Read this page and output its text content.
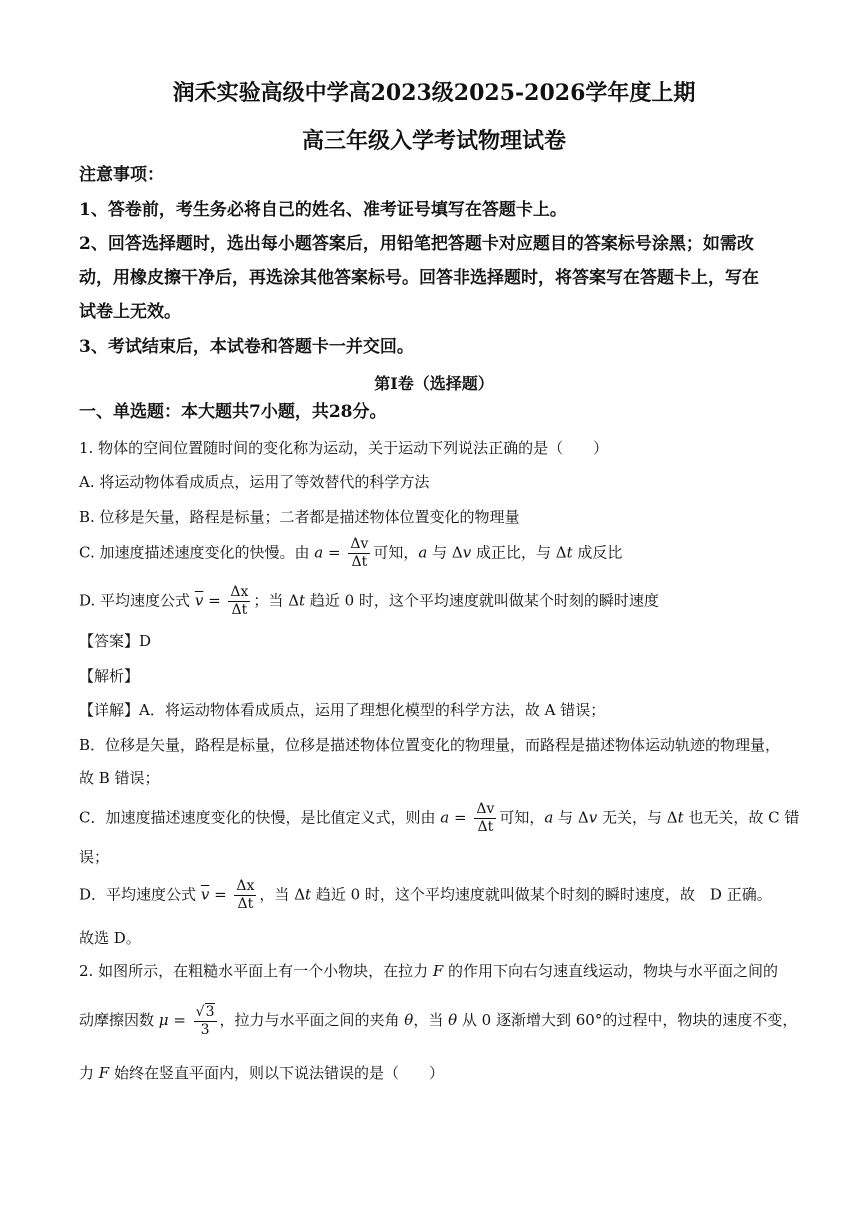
润禾实验高级中学高2023级2025-2026学年度上期
高三年级入学考试物理试卷
注意事项：
1、答卷前，考生务必将自己的姓名、准考证号填写在答题卡上。
2、回答选择题时，选出每小题答案后，用铅笔把答题卡对应题目的答案标号涂黑；如需改
动，用橡皮擦干净后，再选涂其他答案标号。回答非选择题时，将答案写在答题卡上，写在
试卷上无效。
3、考试结束后，本试卷和答题卡一并交回。
第Ⅰ卷（选择题）
一、单选题：本大题共7小题，共28分。
1. 物体的空间位置随时间的变化称为运动，关于运动下列说法正确的是（　　）
A. 将运动物体看成质点，运用了等效替代的科学方法
B. 位移是矢量，路程是标量；二者都是描述物体位置变化的物理量
C. 加速度描述速度变化的快慢。由 $a = \frac{\Delta v}{\Delta t}$ 可知，a 与 Δv 成正比，与 Δt 成反比
D. 平均速度公式 $\overline{v} = \frac{\Delta x}{\Delta t}$ ；当 Δt 趋近 0 时，这个平均速度就叫做某个时刻的瞬时速度
【答案】D
【解析】
【详解】A．将运动物体看成质点，运用了理想化模型的科学方法，故 A 错误；
B．位移是矢量，路程是标量，位移是描述物体位置变化的物理量，而路程是描述物体运动轨迹的物理量，
故 B 错误；
C．加速度描述速度变化的快慢，是比值定义式，则由 $a = \frac{\Delta v}{\Delta t}$ 可知，a 与 Δv 无关，与 Δt 也无关，故 C 错
误；
D．平均速度公式 $\overline{v} = \frac{\Delta x}{\Delta t}$ ，当 Δt 趋近 0 时，这个平均速度就叫做某个时刻的瞬时速度，故　D 正确。
故选 D。
2. 如图所示，在粗糙水平面上有一个小物块，在拉力 F 的作用下向右匀速直线运动，物块与水平面之间的
动摩擦因数 $\mu = \frac{√3}{3}$ ，拉力与水平面之间的夹角 θ，当 θ 从 0 逐渐增大到 60°的过程中，物块的速度不变，
力 F 始终在竖直平面内，则以下说法错误的是（　　）
